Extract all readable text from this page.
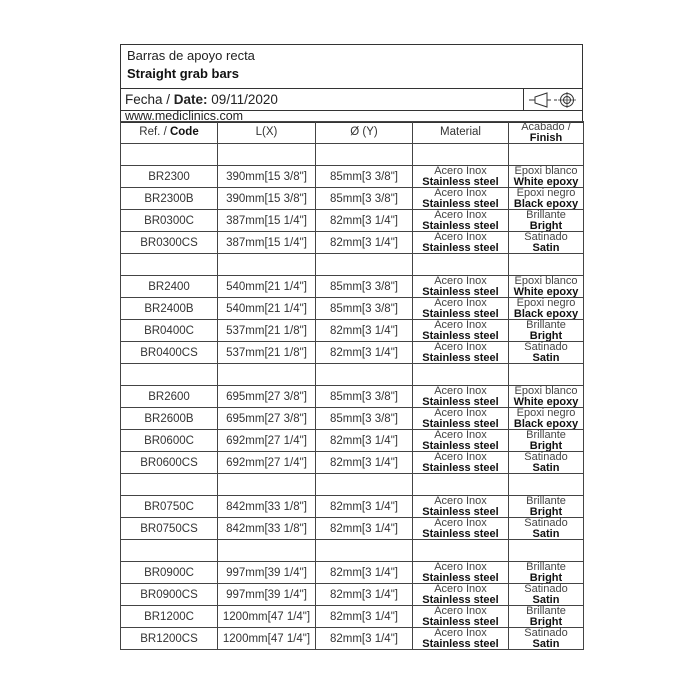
Barras de apoyo recta
Straight grab bars
Fecha / Date: 09/11/2020
www.mediclinics.com
Ref. / Code	L(X)	Ø (Y)	Material	Acabado /
Finish

BR2300	390mm[15 3/8"]	85mm[3 3/8"]	Acero Inox
Stainless steel	Epoxi blanco
White epoxy

BR2300B	390mm[15 3/8"]	85mm[3 3/8"]	Acero Inox
Stainless steel	Epoxi negro
Black epoxy

BR0300C	387mm[15 1/4"]	82mm[3 1/4"]	Acero Inox
Stainless steel	Brillante
Bright

BR0300CS	387mm[15 1/4"]	82mm[3 1/4"]	Acero Inox
Stainless steel	Satinado
Satin

BR2400	540mm[21 1/4"]	85mm[3 3/8"]	Acero Inox
Stainless steel	Epoxi blanco
White epoxy

BR2400B	540mm[21 1/4"]	85mm[3 3/8"]	Acero Inox
Stainless steel	Epoxi negro
Black epoxy

BR0400C	537mm[21 1/8"]	82mm[3 1/4"]	Acero Inox
Stainless steel	Brillante
Bright

BR0400CS	537mm[21 1/8"]	82mm[3 1/4"]	Acero Inox
Stainless steel	Satinado
Satin

BR2600	695mm[27 3/8"]	85mm[3 3/8"]	Acero Inox
Stainless steel	Epoxi blanco
White epoxy

BR2600B	695mm[27 3/8"]	85mm[3 3/8"]	Acero Inox
Stainless steel	Epoxi negro
Black epoxy

BR0600C	692mm[27 1/4"]	82mm[3 1/4"]	Acero Inox
Stainless steel	Brillante
Bright

BR0600CS	692mm[27 1/4"]	82mm[3 1/4"]	Acero Inox
Stainless steel	Satinado
Satin

BR0750C	842mm[33 1/8"]	82mm[3 1/4"]	Acero Inox
Stainless steel	Brillante
Bright

BR0750CS	842mm[33 1/8"]	82mm[3 1/4"]	Acero Inox
Stainless steel	Satinado
Satin

BR0900C	997mm[39 1/4"]	82mm[3 1/4"]	Acero Inox
Stainless steel	Brillante
Bright

BR0900CS	997mm[39 1/4"]	82mm[3 1/4"]	Acero Inox
Stainless steel	Satinado
Satin

BR1200C	1200mm[47 1/4"]	82mm[3 1/4"]	Acero Inox
Stainless steel	Brillante
Bright

BR1200CS	1200mm[47 1/4"]	82mm[3 1/4"]	Acero Inox
Stainless steel	Satinado
Satin
